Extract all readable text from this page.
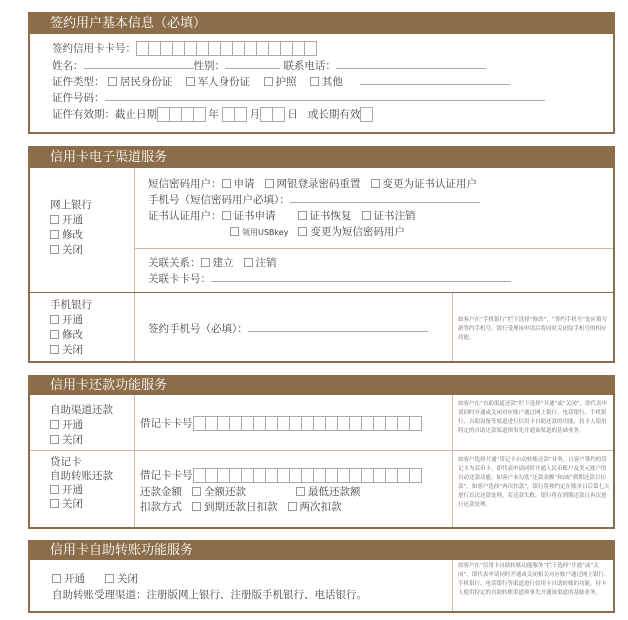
签约用户基本信息（必填）
签约信用卡卡号：
姓名：	性别：	联系电话：
证件类型： 居民身份证 军人身份证 护照 其他
证件号码：
证件有效期：截止日期	年	月	日 或长期有效
信用卡电子渠道服务
网上银行
开通
修改
关闭
短信密码用户： 申请 网银登录密码重置 变更为证书认证用户
手机号（短信密码用户必填）：
证书认证用户： 证书申请	证书恢复 证书注销
领用USBkey 变更为短信密码用户
关联关系： 建立 注销
关联卡卡号：
手机银行
开通
修改
关闭
签约手机号（必填）：
如客户在“手机银行”栏下选择“修改”，“签约手机号”处应填写新签约手机号，银行受理该申请后将同时关闭原手机号的相应功能。
信用卡还款功能服务
自助渠道还款
开通
关闭
借记卡卡号
如客户在“自助渠道还款”栏下选择“开通”或“关闭”，即代表申请同时开通或关闭对应账户通过网上银行、电话银行、手机银行、自助设备等渠道进行信用卡自助还款的功能，持卡人使用特定的自助还款渠道须事先开通该渠道的基础业务。
贷记卡
自助转账还款
开通
关闭
借记卡卡号
还款金额 全额还款	最低还款额
扣款方式 到期还款日扣款 两次扣款
如客户选择开通“贷记卡自动转账还款”业务，且客户签约的贷记卡为双币卡，即代表申请同时开通人民币账户及美元账户的自动还款功能。如客户未勾选“还款金额”和/或“到期还款日扣款”，如客户选择“两次扣款”，银行将按约定在账单日后第七天进行首次还款处理，若还款失败，银行将在到期还款日再次进行还款处理。
信用卡自助转账功能服务
开通	关闭
自助转账受理渠道：注册版网上银行、注册版手机银行、电话银行。
如客户在“信用卡自助转账功能服务”栏下选择“开通”或“关闭”，即代表申请同时开通或关闭相关对应账户通过网上银行、手机银行、电话银行等渠道进行信用卡自助转账的功能，持卡人使用特定的自助转账渠道须事先开通该渠道的基础业务。
